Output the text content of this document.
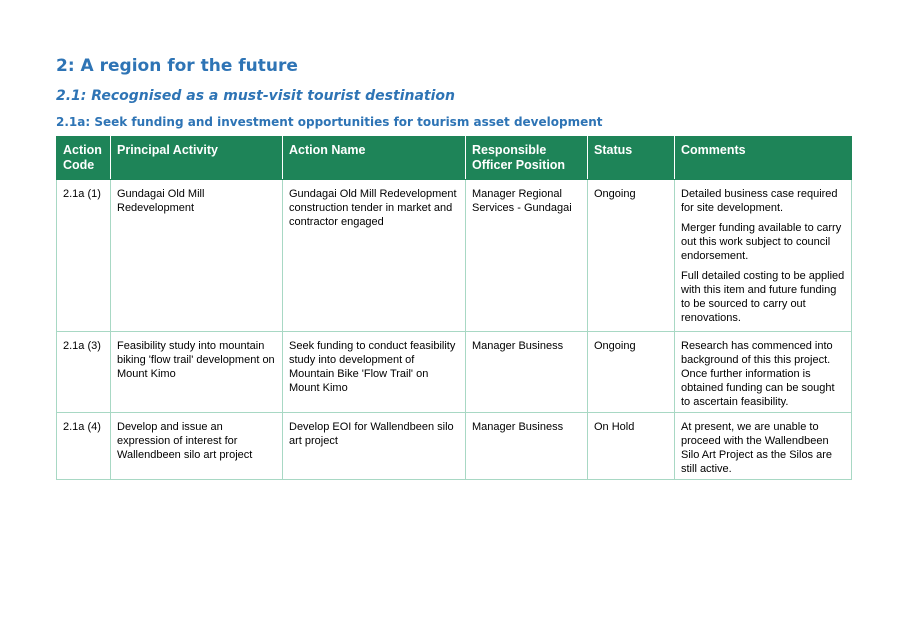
2: A region for the future
2.1: Recognised as a must-visit tourist destination
2.1a: Seek funding and investment opportunities for tourism asset development
Action Code	Principal Activity	Action Name	Responsible Officer Position	Status	Comments
2.1a (1)	Gundagai Old Mill Redevelopment	Gundagai Old Mill Redevelopment construction tender in market and contractor engaged	Manager Regional Services - Gundagai	Ongoing	Detailed business case required for site development.

Merger funding available to carry out this work subject to council endorsement.

Full detailed costing to be applied with this item and future funding to be sourced to carry out renovations.

2.1a (3)	Feasibility study into mountain biking 'flow trail' development on Mount Kimo	Seek funding to conduct feasibility study into development of Mountain Bike 'Flow Trail' on Mount Kimo	Manager Business	Ongoing	Research has commenced into background of this this project. Once further information is obtained funding can be sought to ascertain feasibility.

2.1a (4)	Develop and issue an expression of interest for Wallendbeen silo art project	Develop EOI for Wallendbeen silo art project	Manager Business	On Hold	At present, we are unable to proceed with the Wallendbeen Silo Art Project as the Silos are still active.
